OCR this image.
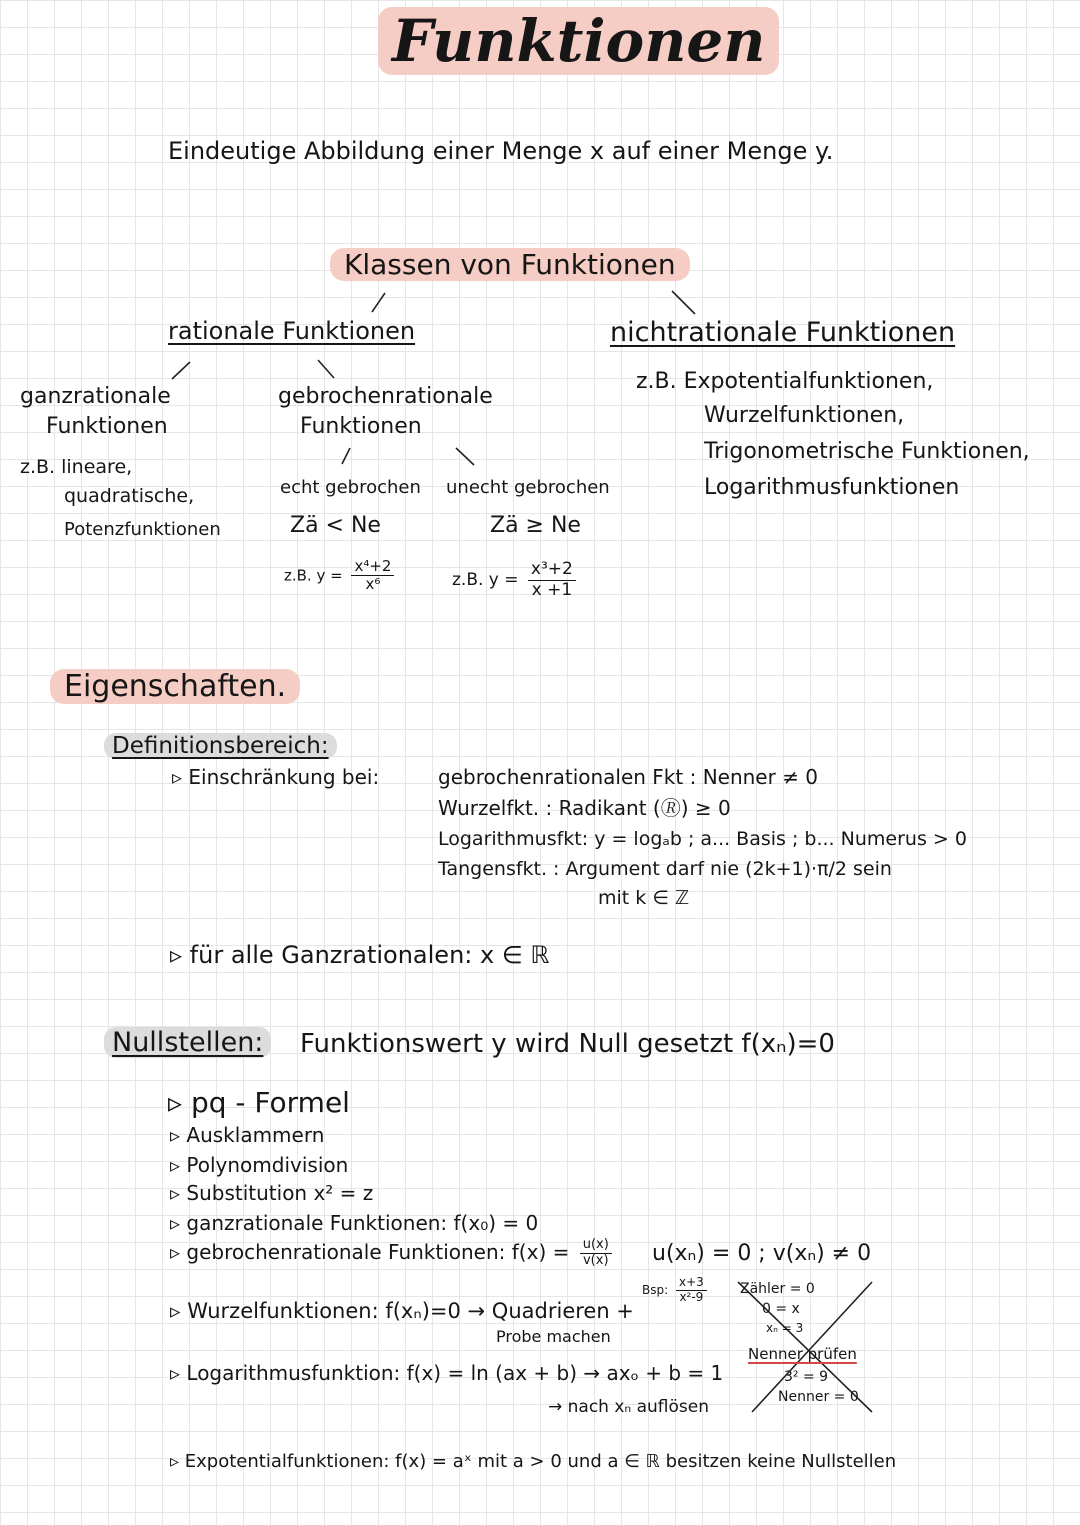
Funktionen
Eindeutige Abbildung einer Menge x auf einer Menge y.
Klassen von Funktionen
rationale Funktionen	nichtrationale Funktionen
ganzrationale
Funktionen
z.B. lineare,
quadratische,
Potenzfunktionen
gebrochenrationale
Funktionen
echt gebrochen unecht gebrochen
Zä < Ne	Zä ≥ Ne
z.B. $y = \frac{\text{x⁴+2}}{\text{x⁶}}$	z.B. $y = \frac{\text{x³+2}}{x +1}$
z.B. Expotentialfunktionen,
Wurzelfunktionen,
Trigonometrische Funktionen,
Logarithmusfunktionen
Eigenschaften.
Definitionsbereich:
▹ Einschränkung bei:	gebrochenrationalen Fkt : Nenner ≠ 0
Wurzelfkt. : Radikant (🄬) ≥ 0
Logarithmusfkt: y = logₐb ; a... Basis ; b... Numerus > 0
Tangensfkt. : Argument darf nie (2k+1)·π/2 sein
mit k ∈ ℤ
▹ für alle Ganzrationalen: x ∈ ℝ
Nullstellen:	Funktionswert y wird Null gesetzt f(xₙ)=0
▹ pq - Formel
▹ Ausklammern
▹ Polynomdivision
▹ Substitution x² = z
▹ ganzrationale Funktionen: f(x₀) = 0
▹ gebrochenrationale Funktionen: $f(x) = \frac{u(x)}{v(x)} u(x_n) = 0$ ; v(xₙ) ≠ 0
Bsp: $\frac{x+3}{\text{x²-9}}$ Zähler = 0
0 = x
xₙ = 3
Nenner prüfen
3² = 9
Nenner = 0
▹ Wurzelfunktionen: f(xₙ)=0 → Quadrieren +
Probe machen
▹ Logarithmusfunktion: f(x) = ln (ax + b) → axₒ + b = 1
→ nach xₙ auflösen
▹ Expotentialfunktionen: f(x) = aˣ mit a > 0 und a ∈ ℝ besitzen keine Nullstellen
